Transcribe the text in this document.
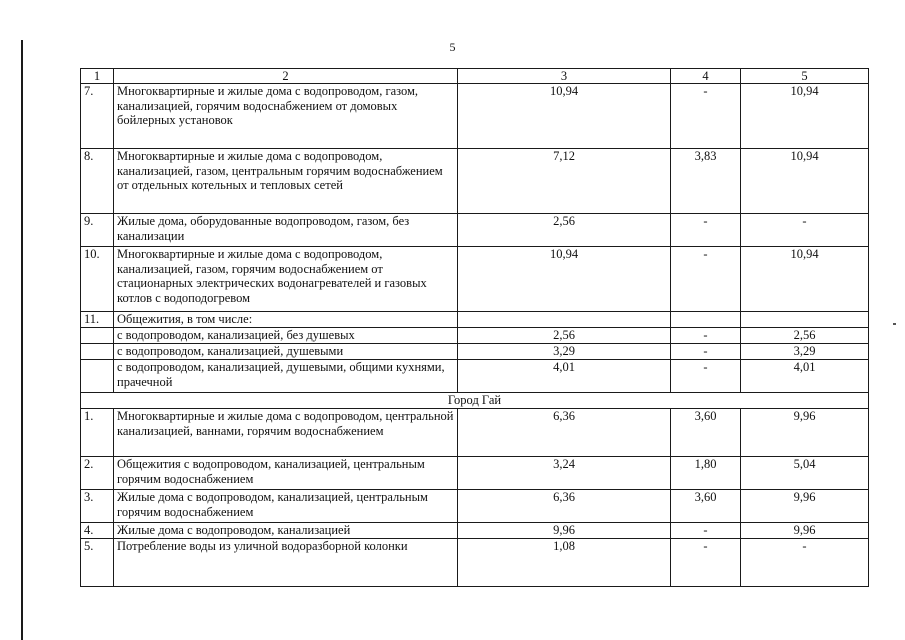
5
1	2	3	4	5
7.	Многоквартирные и жилые дома с водопроводом, газом, канализацией, горячим водоснабжением от домовых бойлерных установок	10,94	-	10,94
8.	Многоквартирные и жилые дома с водопроводом, канализацией, газом, центральным горячим водоснабжением от отдельных котельных и тепловых сетей	7,12	3,83	10,94
9.	Жилые дома, оборудованные водопроводом, газом, без канализации	2,56	-	-
10.	Многоквартирные и жилые дома с водопроводом, канализацией, газом, горячим водоснабжением от стационарных электрических водонагревателей и газовых котлов с водоподогревом	10,94	-	10,94
11.	Общежития, в том числе:			
	с водопроводом, канализацией, без душевых	2,56	-	2,56
	с водопроводом, канализацией, душевыми	3,29	-	3,29
	с водопроводом, канализацией, душевыми, общими кухнями, прачечной	4,01	-	4,01
Город Гай				
1.	Многоквартирные и жилые дома с водопроводом, центральной канализацией, ваннами, горячим водоснабжением	6,36	3,60	9,96
2.	Общежития с водопроводом, канализацией, центральным горячим водоснабжением	3,24	1,80	5,04
3.	Жилые дома с водопроводом, канализацией, центральным горячим водоснабжением	6,36	3,60	9,96
4.	Жилые дома с водопроводом, канализацией	9,96	-	9,96
5.	Потребление воды из уличной водоразборной колонки	1,08	-	-
